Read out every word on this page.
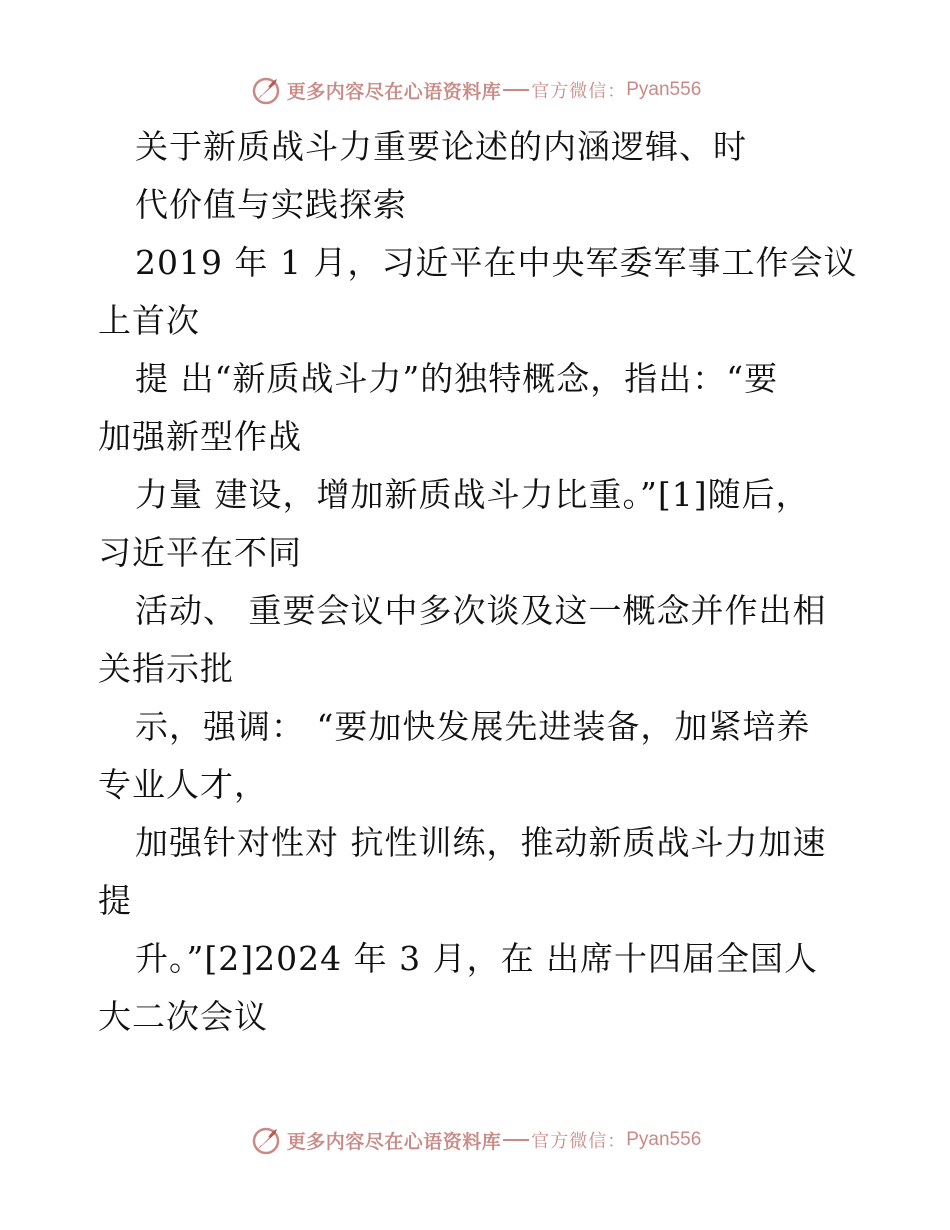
更多内容尽在心语资料库 官方微信： Pyan556
关于新质战斗力重要论述的内涵逻辑、时
代价值与实践探索
2019 年 1 月，习近平在中央军委军事工作会议
上首次
提 出“新质战斗力”的独特概念，指出：“要
加强新型作战
力量 建设，增加新质战斗力比重。”[1]随后，
习近平在不同
活动、 重要会议中多次谈及这一概念并作出相
关指示批
示，强调： “要加快发展先进装备，加紧培养
专业人才，
加强针对性对 抗性训练，推动新质战斗力加速
提
升。”[2]2024 年 3 月，在 出席十四届全国人
大二次会议
更多内容尽在心语资料库 官方微信： Pyan556
